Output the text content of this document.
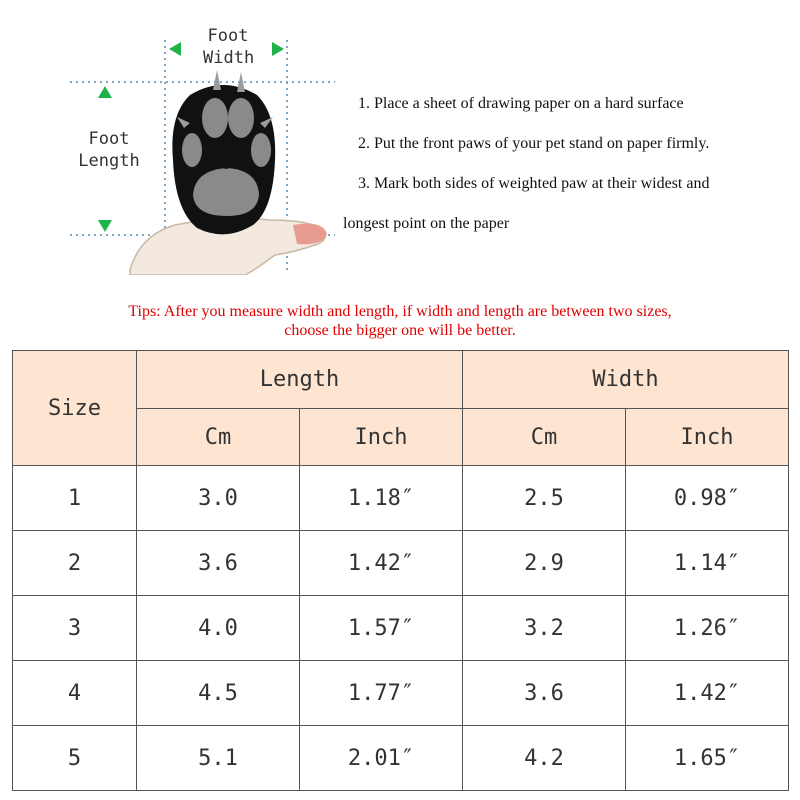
Foot
Width
Foot
Length
1. Place a sheet of drawing paper on a hard surface
2. Put the front paws of your pet stand on paper firmly.
3. Mark both sides of weighted paw at their widest and
longest point on the paper
Tips: After you measure width and length, if width and length are between two sizes,
choose the bigger one will be better.
Size	Length		Width	
	Cm	Inch	Cm	Inch
1	3.0	1.18″	2.5	0.98″
2	3.6	1.42″	2.9	1.14″
3	4.0	1.57″	3.2	1.26″
4	4.5	1.77″	3.6	1.42″
5	5.1	2.01″	4.2	1.65″
